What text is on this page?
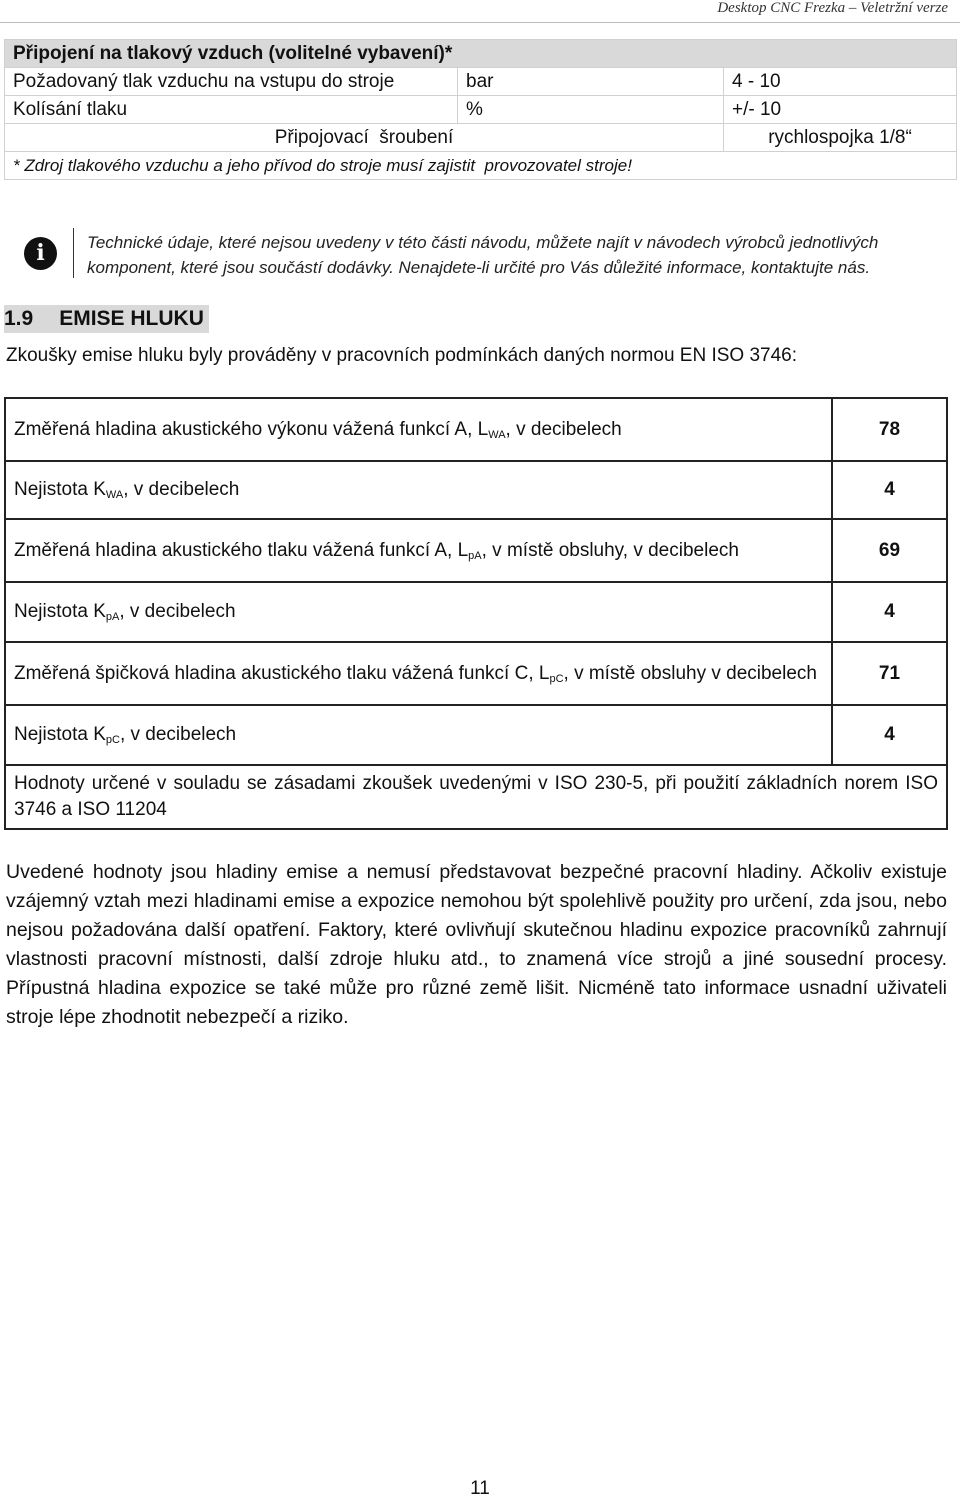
Desktop CNC Frezka – Veletržní verze
Připojení na tlakový vzduch (volitelné vybavení)*		
Požadovaný tlak vzduchu na vstupu do stroje	bar	4 - 10
Kolísání tlaku	%	+/- 10
Připojovací  šroubení		rychlospojka 1/8“
* Zdroj tlakového vzduchu a jeho přívod do stroje musí zajistit  provozovatel stroje!		
i	Technické údaje, které nejsou uvedeny v této části návodu, můžete najít v návodech výrobců jednotlivých komponent, které jsou součástí dodávky. Nenajdete-li určité pro Vás důležité informace, kontaktujte nás.
1.9 EMISE HLUKU
Zkoušky emise hluku byly prováděny v pracovních podmínkách daných normou EN ISO 3746:
Změřená hladina akustického výkonu vážená funkcí A, $L_{WA}$, v decibelech	78
Nejistota $K_{WA}$, v decibelech	4
Změřená hladina akustického tlaku vážená funkcí A, $L_{pA}$, v místě obsluhy, v decibelech	69
Nejistota $K_{pA}$, v decibelech	4
Změřená špičková hladina akustického tlaku vážená funkcí C, $L_{pC}$, v místě obsluhy v decibelech	71
Nejistota $K_{pC}$, v decibelech	4
Hodnoty určené v souladu se zásadami zkoušek uvedenými v ISO 230-5, při použití základních norem ISO 3746 a ISO 11204	
Uvedené hodnoty jsou hladiny emise a nemusí představovat bezpečné pracovní hladiny. Ačkoliv existuje vzájemný vztah mezi hladinami emise a expozice nemohou být spolehlivě použity pro určení, zda jsou, nebo nejsou požadována další opatření. Faktory, které ovlivňují skutečnou hladinu expozice pracovníků zahrnují vlastnosti pracovní místnosti, další zdroje hluku atd., to znamená více strojů a jiné sousední procesy. Přípustná hladina expozice se také může pro různé země lišit. Nicméně tato informace usnadní uživateli stroje lépe zhodnotit nebezpečí a riziko.
11
